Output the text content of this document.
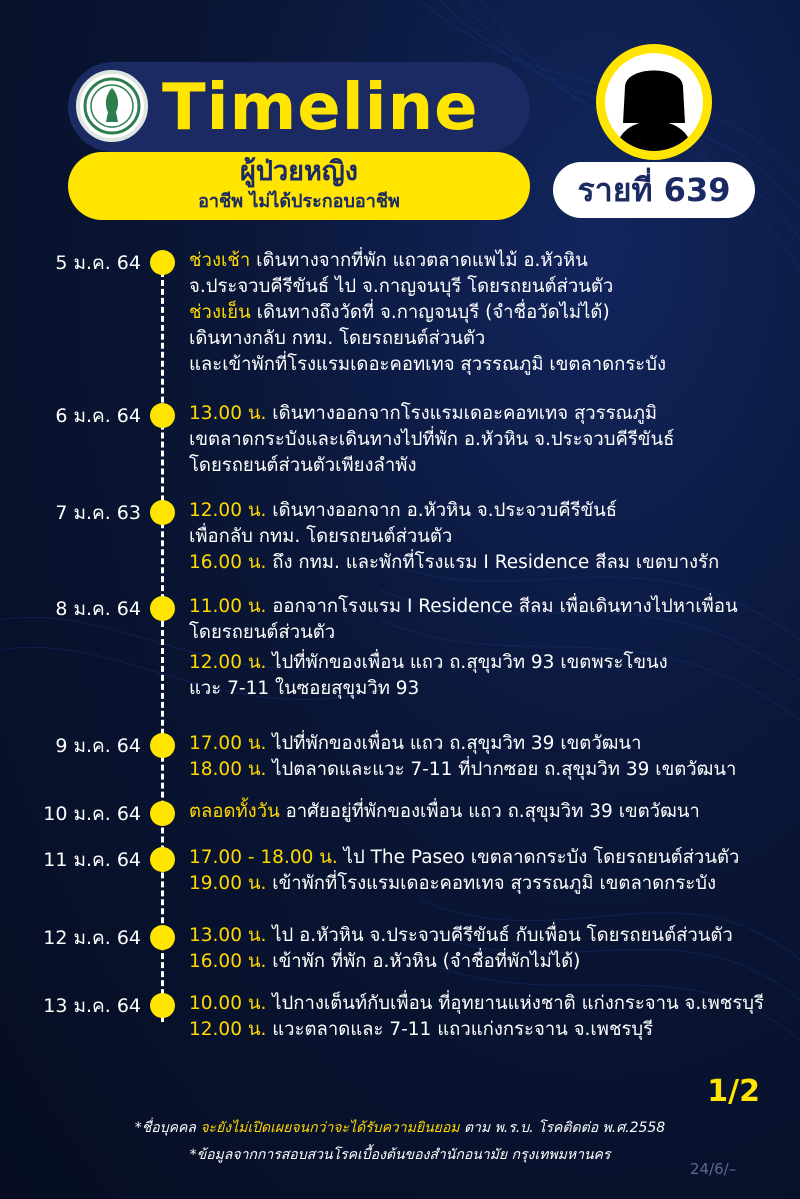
Timeline
ผู้ป่วยหญิง
อาชีพ ไม่ได้ประกอบอาชีพ	รายที่ 639
5 ม.ค. 64	ช่วงเช้า เดินทางจากที่พัก แถวตลาดแพไม้ อ.หัวหิน
จ.ประจวบคีรีขันธ์ ไป จ.กาญจนบุรี โดยรถยนต์ส่วนตัว
ช่วงเย็น เดินทางถึงวัดที่ จ.กาญจนบุรี (จำชื่อวัดไม่ได้)
เดินทางกลับ กทม. โดยรถยนต์ส่วนตัว
และเข้าพักที่โรงแรมเดอะคอทเทจ สุวรรณภูมิ เขตลาดกระบัง
6 ม.ค. 64	13.00 น. เดินทางออกจากโรงแรมเดอะคอทเทจ สุวรรณภูมิ
เขตลาดกระบังและเดินทางไปที่พัก อ.หัวหิน จ.ประจวบคีรีขันธ์
โดยรถยนต์ส่วนตัวเพียงลำพัง
7 ม.ค. 63	12.00 น. เดินทางออกจาก อ.หัวหิน จ.ประจวบคีรีขันธ์
เพื่อกลับ กทม. โดยรถยนต์ส่วนตัว
16.00 น. ถึง กทม. และพักที่โรงแรม I Residence สีลม เขตบางรัก
8 ม.ค. 64	11.00 น. ออกจากโรงแรม I Residence สีลม เพื่อเดินทางไปหาเพื่อน
โดยรถยนต์ส่วนตัว
12.00 น. ไปที่พักของเพื่อน แถว ถ.สุขุมวิท 93 เขตพระโขนง
แวะ 7-11 ในซอยสุขุมวิท 93
9 ม.ค. 64	17.00 น. ไปที่พักของเพื่อน แถว ถ.สุขุมวิท 39 เขตวัฒนา
18.00 น. ไปตลาดและแวะ 7-11 ที่ปากซอย ถ.สุขุมวิท 39 เขตวัฒนา
10 ม.ค. 64	ตลอดทั้งวัน อาศัยอยู่ที่พักของเพื่อน แถว ถ.สุขุมวิท 39 เขตวัฒนา
11 ม.ค. 64	17.00 - 18.00 น. ไป The Paseo เขตลาดกระบัง โดยรถยนต์ส่วนตัว
19.00 น. เข้าพักที่โรงแรมเดอะคอทเทจ สุวรรณภูมิ เขตลาดกระบัง
12 ม.ค. 64	13.00 น. ไป อ.หัวหิน จ.ประจวบคีรีขันธ์ กับเพื่อน โดยรถยนต์ส่วนตัว
16.00 น. เข้าพัก ที่พัก อ.หัวหิน (จำชื่อที่พักไม่ได้)
13 ม.ค. 64	10.00 น. ไปกางเต็นท์กับเพื่อน ที่อุทยานแห่งชาติ แก่งกระจาน จ.เพชรบุรี
12.00 น. แวะตลาดและ 7-11 แถวแก่งกระจาน จ.เพชรบุรี
1/2
*ชื่อบุคคล จะยังไม่เปิดเผยจนกว่าจะได้รับความยินยอม ตาม พ.ร.บ. โรคติดต่อ พ.ศ.2558
*ข้อมูลจากการสอบสวนโรคเบื้องต้นของสำนักอนามัย กรุงเทพมหานคร
24/6/–
